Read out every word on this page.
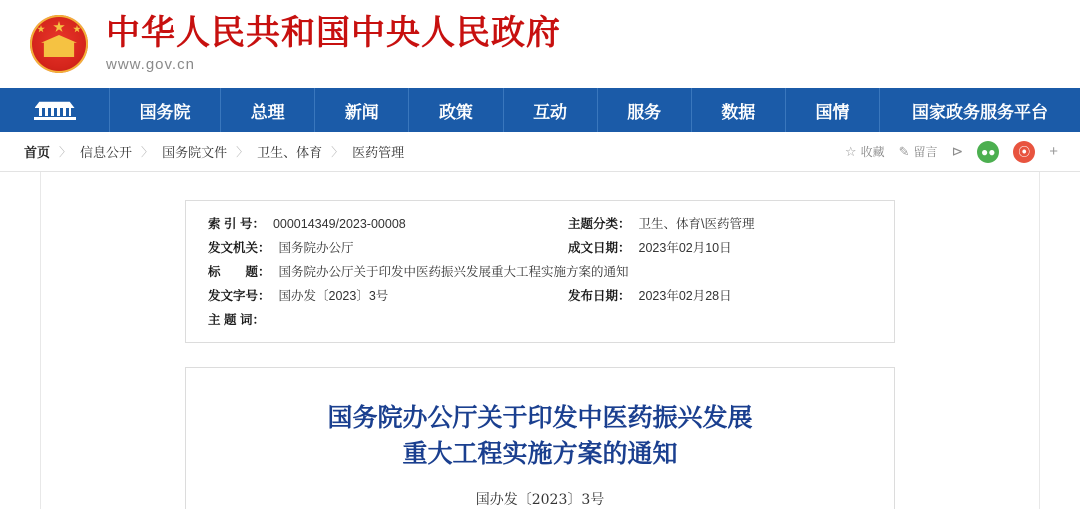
中华人民共和国中央人民政府
www.gov.cn
国务院	总理	新闻	政策	互动	服务	数据	国情	国家政务服务平台
首页 〉 信息公开 〉 国务院文件 〉 卫生、体育 〉 医药管理	☆ 收藏 ✎ 留言 ⊳ ●● ⦿ +
索 引 号： 000014349/2023-00008	主题分类： 卫生、体育\医药管理
发文机关： 国务院办公厅	成文日期： 2023年02月10日
标　　题： 国务院办公厅关于印发中医药振兴发展重大工程实施方案的通知
发文字号： 国办发〔2023〕3号	发布日期： 2023年02月28日
主 题 词：
国务院办公厅关于印发中医药振兴发展
重大工程实施方案的通知
国办发〔2023〕3号
